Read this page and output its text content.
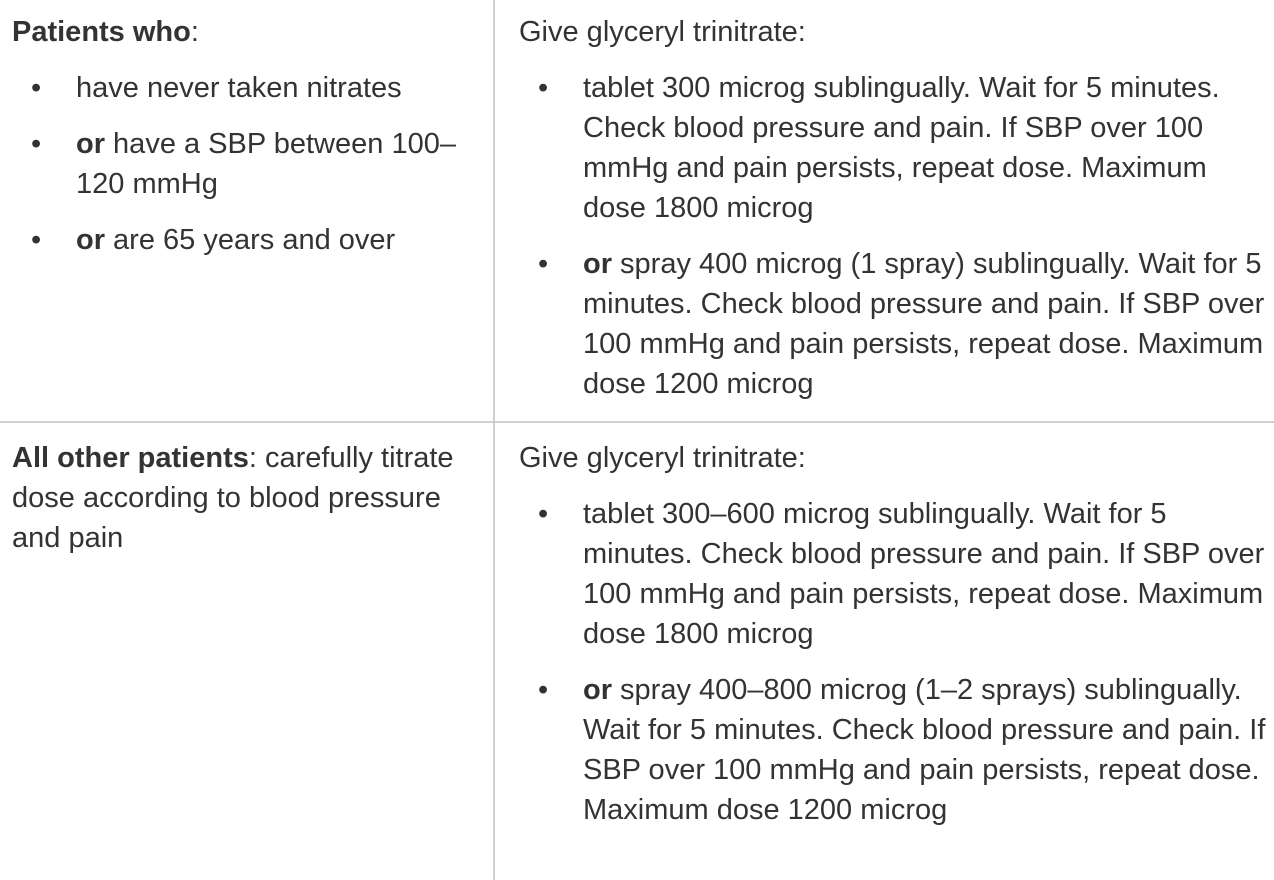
Patients who:

• have never taken nitrates
• or have a SBP between 100–120 mmHg
• or are 65 years and over

Give glyceryl trinitrate:

• tablet 300 microg sublingually. Wait for 5 minutes. Check blood pressure and pain. If SBP over 100 mmHg and pain persists, repeat dose. Maximum dose 1800 microg
• or spray 400 microg (1 spray) sublingually. Wait for 5 minutes. Check blood pressure and pain. If SBP over 100 mmHg and pain persists, repeat dose. Maximum dose 1200 microg

All other patients: carefully titrate dose according to blood pressure and pain

Give glyceryl trinitrate:

• tablet 300–600 microg sublingually. Wait for 5 minutes. Check blood pressure and pain. If SBP over 100 mmHg and pain persists, repeat dose. Maximum dose 1800 microg
• or spray 400–800 microg (1–2 sprays) sublingually. Wait for 5 minutes. Check blood pressure and pain. If SBP over 100 mmHg and pain persists, repeat dose. Maximum dose 1200 microg
